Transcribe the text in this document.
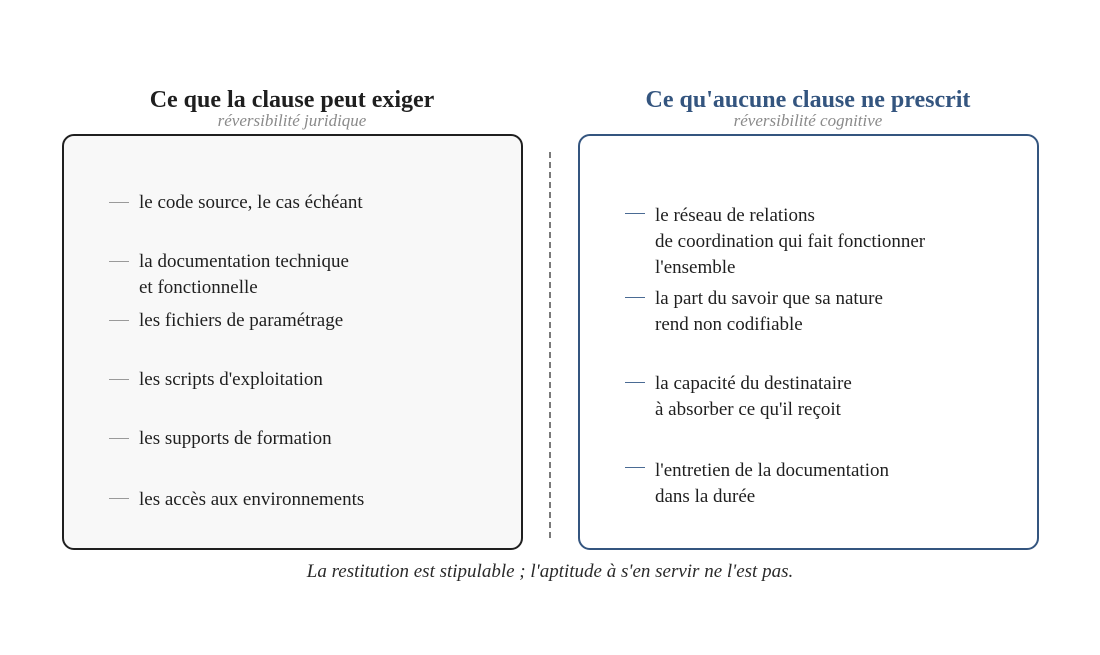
Ce que la clause peut exiger
réversibilité juridique
Ce qu'aucune clause ne prescrit
réversibilité cognitive
le code source, le cas échéant
la documentation technique
et fonctionnelle
les fichiers de paramétrage
les scripts d'exploitation
les supports de formation
les accès aux environnements
le réseau de relations
de coordination qui fait fonctionner
l'ensemble
la part du savoir que sa nature
rend non codifiable
la capacité du destinataire
à absorber ce qu'il reçoit
l'entretien de la documentation
dans la durée
La restitution est stipulable ; l'aptitude à s'en servir ne l'est pas.
